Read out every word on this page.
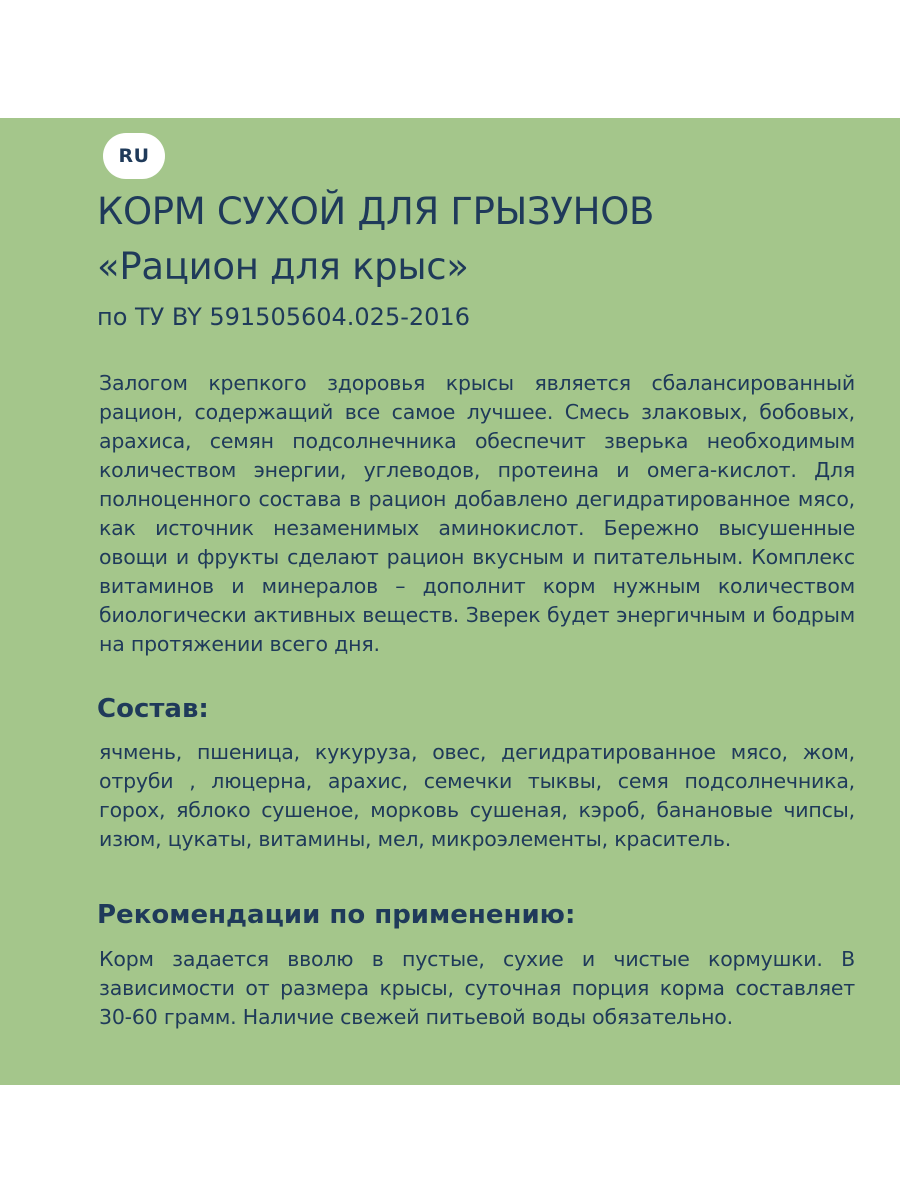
RU
КОРМ СУХОЙ ДЛЯ ГРЫЗУНОВ
«Рацион для крыс»
по ТУ BY 591505604.025-2016
Залогом крепкого здоровья крысы является сбалансированный рацион, содержащий все самое лучшее. Смесь злаковых, бобовых, арахиса, семян подсолнечника обеспечит зверька необходимым количеством энергии, углеводов, протеина и омега-кислот. Для полноценного состава в рацион добавлено дегидратированное мясо, как источник незаменимых аминокислот. Бережно высушенные овощи и фрукты сделают рацион вкусным и питательным. Комплекс витаминов и минералов – дополнит корм нужным количеством биологически активных веществ. Зверек будет энергичным и бодрым на протяжении всего дня.
Состав:
ячмень, пшеница, кукуруза, овес, дегидратированное мясо, жом, отруби , люцерна, арахис, семечки тыквы, семя подсолнечника, горох, яблоко сушеное, морковь сушеная, кэроб, банановые чипсы, изюм, цукаты, витамины, мел, микроэлементы, краситель.
Рекомендации по применению:
Корм задается вволю в пустые, сухие и чистые кормушки. В зависимости от размера крысы, суточная порция корма составляет 30-60 грамм. Наличие свежей питьевой воды обязательно.
